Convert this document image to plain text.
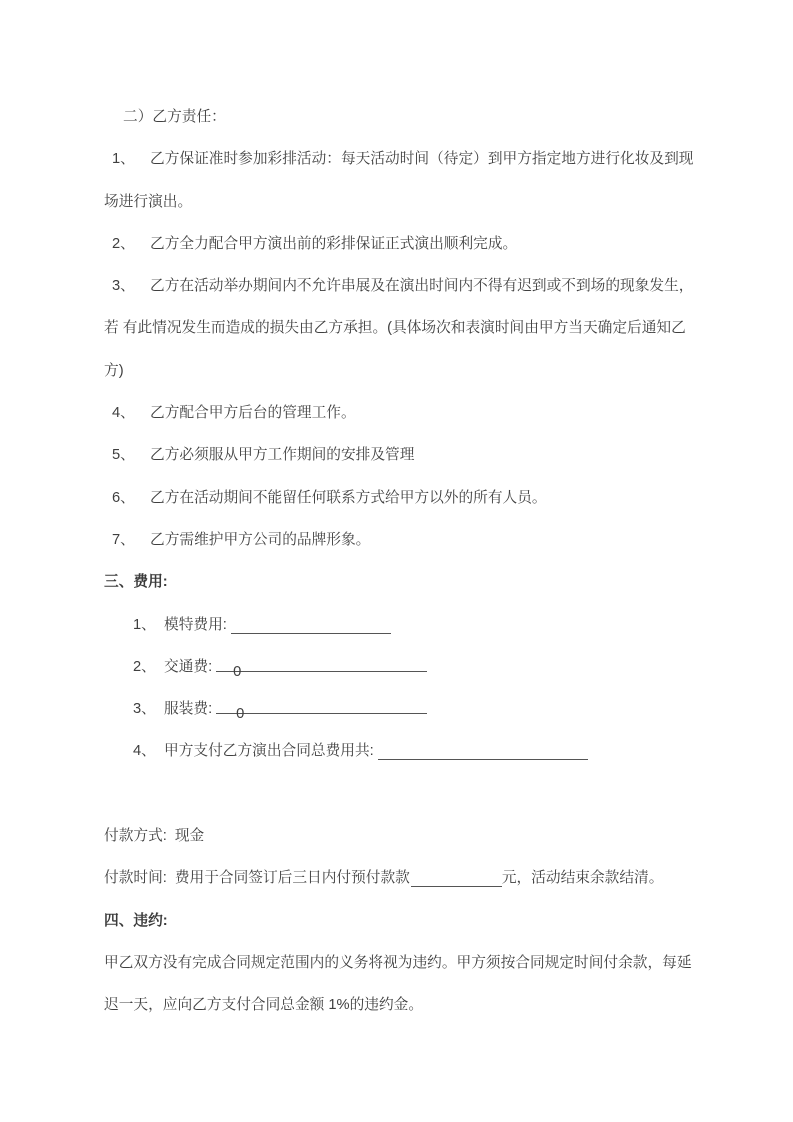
二）乙方责任：
1、 乙方保证准时参加彩排活动：每天活动时间（待定）到甲方指定地方进行化妆及到现
场进行演出。
2、 乙方全力配合甲方演出前的彩排保证正式演出顺利完成。
3、 乙方在活动举办期间内不允许串展及在演出时间内不得有迟到或不到场的现象发生，
若 有此情况发生而造成的损失由乙方承担。(具体场次和表演时间由甲方当天确定后通知乙
方)
4、 乙方配合甲方后台的管理工作。
5、 乙方必须服从甲方工作期间的安排及管理
6、 乙方在活动期间不能留任何联系方式给甲方以外的所有人员。
7、 乙方需维护甲方公司的品牌形象。
三、费用:
1、 模特费用:
2、 交通费: 0
3、 服装费: 0
4、 甲方支付乙方演出合同总费用共:
付款方式: 现金
付款时间: 费用于合同签订后三日内付预付款款	元，活动结束余款结清。
四、违约:
甲乙双方没有完成合同规定范围内的义务将视为违约。甲方须按合同规定时间付余款，每延
迟一天，应向乙方支付合同总金额 1%的违约金。
